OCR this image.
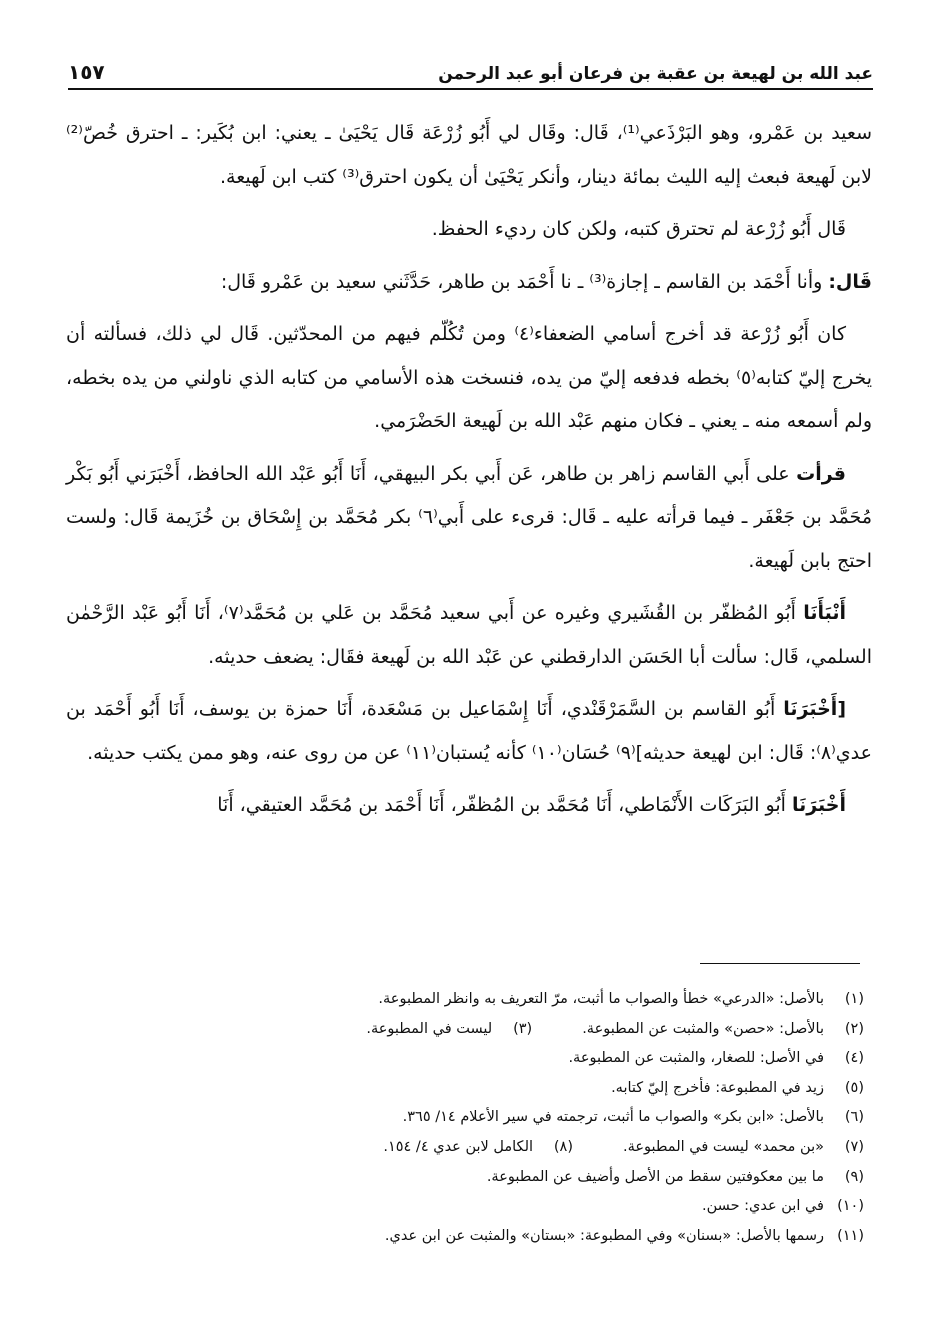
عبد الله بن لهيعة بن عقبة بن فرعان أبو عبد الرحمن
١٥٧

سعيد بن عَمْرو، وهو البَرْذَعي⁽¹⁾، قَال: وقَال لي أَبُو زُرْعَة قَال يَحْيَىٰ ـ يعني: ابن بُكَير: ـ احترق خُصّ⁽²⁾ لابن لَهيعة فبعث إليه الليث بمائة دينار، وأنكر يَحْيَىٰ أن يكون احترق⁽³⁾ كتب ابن لَهيعة.

قَال أَبُو زُرْعة لم تحترق كتبه، ولكن كان رديء الحفظ.

قَال: وأنا أَحْمَد بن القاسم ـ إجازة⁽³⁾ ـ نا أَحْمَد بن طاهر، حَدَّثَني سعيد بن عَمْرو قَال:

كان أَبُو زُرْعة قد أخرج أسامي الضعفاء⁽٤⁾ ومن تُكُلّم فيهم من المحدّثين. قَال لي ذلك، فسألته أن يخرج إليّ كتابه⁽٥⁾ بخطه فدفعه إليّ من يده، فنسخت هذه الأسامي من كتابه الذي ناولني من يده بخطه، ولم أسمعه منه ـ يعني ـ فكان منهم عَبْد الله بن لَهيعة الحَضْرَمي.

قرأت على أَبي القاسم زاهر بن طاهر، عَن أَبي بكر البيهقي، أَنَا أَبُو عَبْد الله الحافظ، أَخْبَرَني أَبُو بَكْر مُحَمَّد بن جَعْفَر ـ فيما قرأته عليه ـ قَال: قرىء على أَبي⁽٦⁾ بكر مُحَمَّد بن إِسْحَاق بن خُزَيمة قَال: ولست احتج بابن لَهيعة.

أَنْبَأَنَا أَبُو المُظفّر بن القُشَيري وغيره عن أَبي سعيد مُحَمَّد بن عَلي بن مُحَمَّد⁽٧⁾، أَنَا أَبُو عَبْد الرَّحْمٰن السلمي، قَال: سألت أبا الحَسَن الدارقطني عن عَبْد الله بن لَهيعة فقَال: يضعف حديثه.

[أَخْبَرَنَا أَبُو القاسم بن السَّمَرْقَنْدي، أَنَا إِسْمَاعيل بن مَسْعَدة، أَنَا حمزة بن يوسف، أَنَا أَبُو أَحْمَد بن عدي⁽٨⁾: قَال: ابن لهيعة حديثه]⁽٩⁾ حُسَان⁽١٠⁾ كأنه يُستبان⁽١١⁾ عن من روى عنه، وهو ممن يكتب حديثه.

أَخْبَرَنَا أَبُو البَرَكَات الأَنْمَاطي، أَنَا مُحَمَّد بن المُظفّر، أَنَا أَحْمَد بن مُحَمَّد العتيقي، أَنَا

(١)بالأصل: «الدرعي» خطأ والصواب ما أثبت، مرّ التعريف به وانظر المطبوعة.
(٢)بالأصل: «حصن» والمثبت عن المطبوعة.(٣)ليست في المطبوعة.
(٤)في الأصل: للصغار، والمثبت عن المطبوعة.
(٥)زيد في المطبوعة: فأخرج إليّ كتابه.
(٦)بالأصل: «ابن بكر» والصواب ما أثبت، ترجمته في سير الأعلام ١٤/ ٣٦٥.
(٧)«بن محمد» ليست في المطبوعة.(٨)الكامل لابن عدي ٤/ ١٥٤.
(٩)ما بين معكوفتين سقط من الأصل وأضيف عن المطبوعة.
(١٠)في ابن عدي: حسن.
(١١)رسمها بالأصل: «بسنان» وفي المطبوعة: «بستان» والمثبت عن ابن عدي.
